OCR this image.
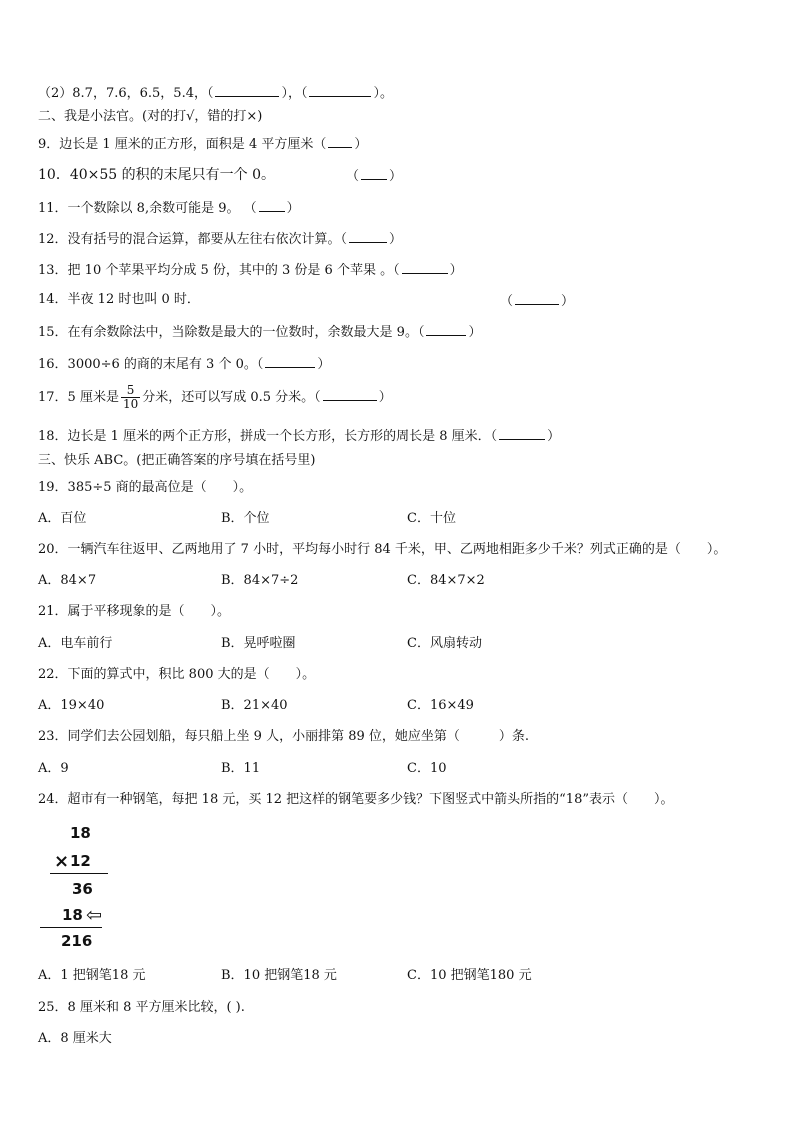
（2）8.7，7.6，6.5，5.4，（	），（	）。
二、我是小法官。(对的打√，错的打×)
9．边长是 1 厘米的正方形，面积是 4 平方厘米（ ）
10．40×55 的积的末尾只有一个 0。	（ ）
11．一个数除以 8,余数可能是 9。 （ ）
12．没有括号的混合运算，都要从左往右依次计算。（	）
13．把 10 个苹果平均分成 5 份，其中的 3 份是 6 个苹果 。（	）
14．半夜 12 时也叫 0 时．	（	）
15．在有余数除法中，当除数是最大的一位数时，余数最大是 9。（	）
16．3000÷6 的商的末尾有 3 个 0。（	）
17．5 厘米是 $\frac{5}{10}$ 分米，还可以写成 0.5 分米。（	）
18．边长是 1 厘米的两个正方形，拼成一个长方形，长方形的周长是 8 厘米．（	）
三、快乐 ABC。(把正确答案的序号填在括号里)
19．385÷5 商的最高位是（　　）。
A．百位	B．个位	C．十位
20．一辆汽车往返甲、乙两地用了 7 小时，平均每小时行 84 千米，甲、乙两地相距多少千米？列式正确的是（　　）。
A．84×7	B．84×7÷2	C．84×7×2
21．属于平移现象的是（　　）。
A．电车前行	B．晃呼啦圈	C．风扇转动
22．下面的算式中，积比 800 大的是（　　）。
A．19×40	B．21×40	C．16×49
23．同学们去公园划船，每只船上坐 9 人，小丽排第 89 位，她应坐第（　　　）条.
A．9	B．11	C．10
24．超市有一种钢笔，每把 18 元，买 12 把这样的钢笔要多少钱？下图竖式中箭头所指的“18”表示（　　）。
18
× 12
36
18 ⇦
216
A．1 把钢笔18 元	B．10 把钢笔18 元	C．10 把钢笔180 元
25．8 厘米和 8 平方厘米比较，( ).
A．8 厘米大
